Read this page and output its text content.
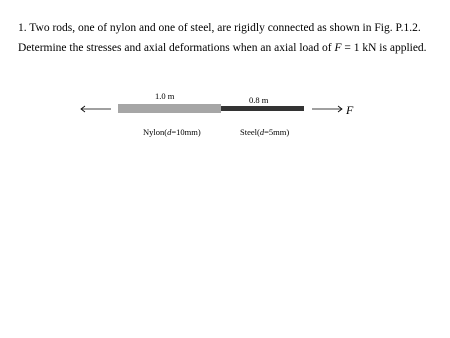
1. Two rods, one of nylon and one of steel, are rigidly connected as shown in Fig. P.1.2.
Determine the stresses and axial deformations when an axial load of F = 1 kN is applied.
1.0 m	0.8 m
F
Nylon(d=10mm)	Steel(d=5mm)
